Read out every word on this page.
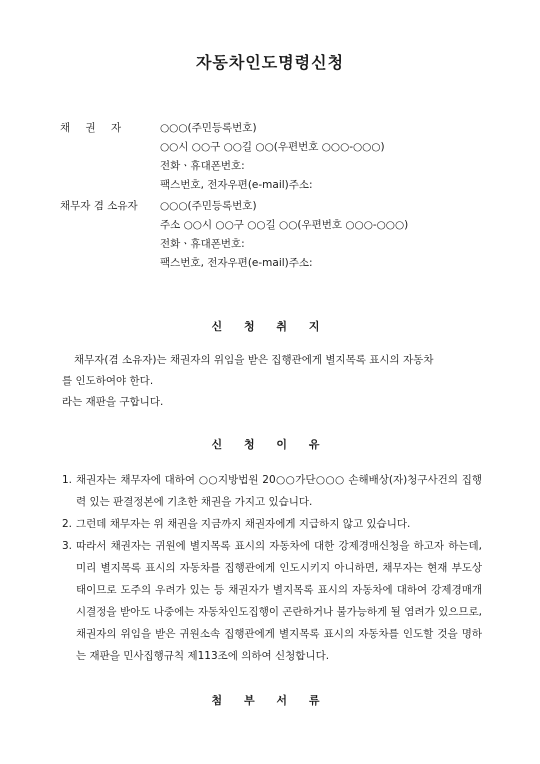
자동차인도명령신청
채 권 자	○○○(주민등록번호)
○○시 ○○구 ○○길 ○○(우편번호 ○○○-○○○)
전화ㆍ휴대폰번호:
팩스번호, 전자우편(e-mail)주소:
채무자 겸 소유자	○○○(주민등록번호)
주소 ○○시 ○○구 ○○길 ○○(우편번호 ○○○-○○○)
전화ㆍ휴대폰번호:
팩스번호, 전자우편(e-mail)주소:
신 청 취 지
채무자(겸 소유자)는 채권자의 위임을 받은 집행관에게 별지목록 표시의 자동차
를 인도하여야 한다.
라는 재판을 구합니다.
신 청 이 유
1. 채권자는 채무자에 대하여 ○○지방법원 20○○가단○○○ 손해배상(자)청구사건의 집행력 있는 판결정본에 기초한 채권을 가지고 있습니다.
2. 그런데 채무자는 위 채권을 지금까지 채권자에게 지급하지 않고 있습니다.
3. 따라서 채권자는 귀원에 별지목록 표시의 자동차에 대한 강제경매신청을 하고자 하는데, 미리 별지목록 표시의 자동차를 집행관에게 인도시키지 아니하면, 채무자는 현재 부도상태이므로 도주의 우려가 있는 등 채권자가 별지목록 표시의 자동차에 대하여 강제경매개시결정을 받아도 나중에는 자동차인도집행이 곤란하거나 불가능하게 될 염려가 있으므로, 채권자의 위임을 받은 귀원소속 집행관에게 별지목록 표시의 자동차를 인도할 것을 명하는 재판을 민사집행규칙 제113조에 의하여 신청합니다.
첨 부 서 류
